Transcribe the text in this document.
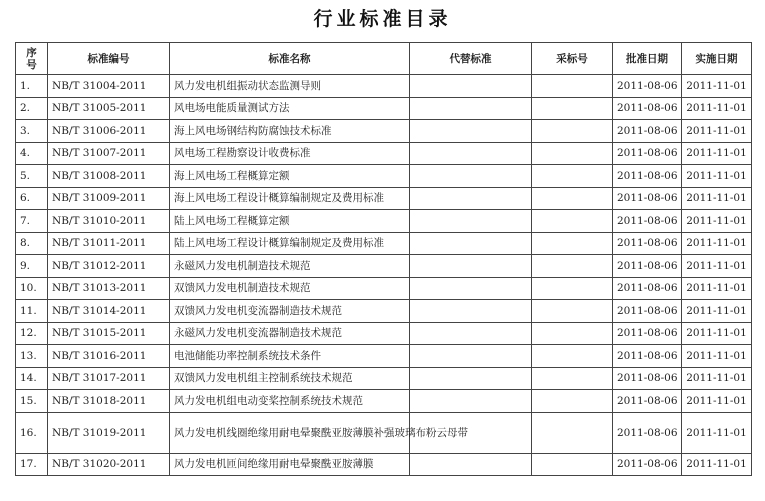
行业标准目录
序号	标准编号	标准名称	代替标准	采标号	批准日期	实施日期
1.	NB/T 31004-2011	风力发电机组振动状态监测导则			2011-08-06	2011-11-01
2.	NB/T 31005-2011	风电场电能质量测试方法			2011-08-06	2011-11-01
3.	NB/T 31006-2011	海上风电场钢结构防腐蚀技术标准			2011-08-06	2011-11-01
4.	NB/T 31007-2011	风电场工程勘察设计收费标准			2011-08-06	2011-11-01
5.	NB/T 31008-2011	海上风电场工程概算定额			2011-08-06	2011-11-01
6.	NB/T 31009-2011	海上风电场工程设计概算编制规定及费用标准			2011-08-06	2011-11-01
7.	NB/T 31010-2011	陆上风电场工程概算定额			2011-08-06	2011-11-01
8.	NB/T 31011-2011	陆上风电场工程设计概算编制规定及费用标准			2011-08-06	2011-11-01
9.	NB/T 31012-2011	永磁风力发电机制造技术规范			2011-08-06	2011-11-01
10.	NB/T 31013-2011	双馈风力发电机制造技术规范			2011-08-06	2011-11-01
11.	NB/T 31014-2011	双馈风力发电机变流器制造技术规范			2011-08-06	2011-11-01
12.	NB/T 31015-2011	永磁风力发电机变流器制造技术规范			2011-08-06	2011-11-01
13.	NB/T 31016-2011	电池储能功率控制系统技术条件			2011-08-06	2011-11-01
14.	NB/T 31017-2011	双馈风力发电机组主控制系统技术规范			2011-08-06	2011-11-01
15.	NB/T 31018-2011	风力发电机组电动变桨控制系统技术规范			2011-08-06	2011-11-01
16.	NB/T 31019-2011	风力发电机线圈绝缘用耐电晕聚酰亚胺薄膜补强玻璃布粉云母带			2011-08-06	2011-11-01
17.	NB/T 31020-2011	风力发电机匝间绝缘用耐电晕聚酰亚胺薄膜			2011-08-06	2011-11-01
